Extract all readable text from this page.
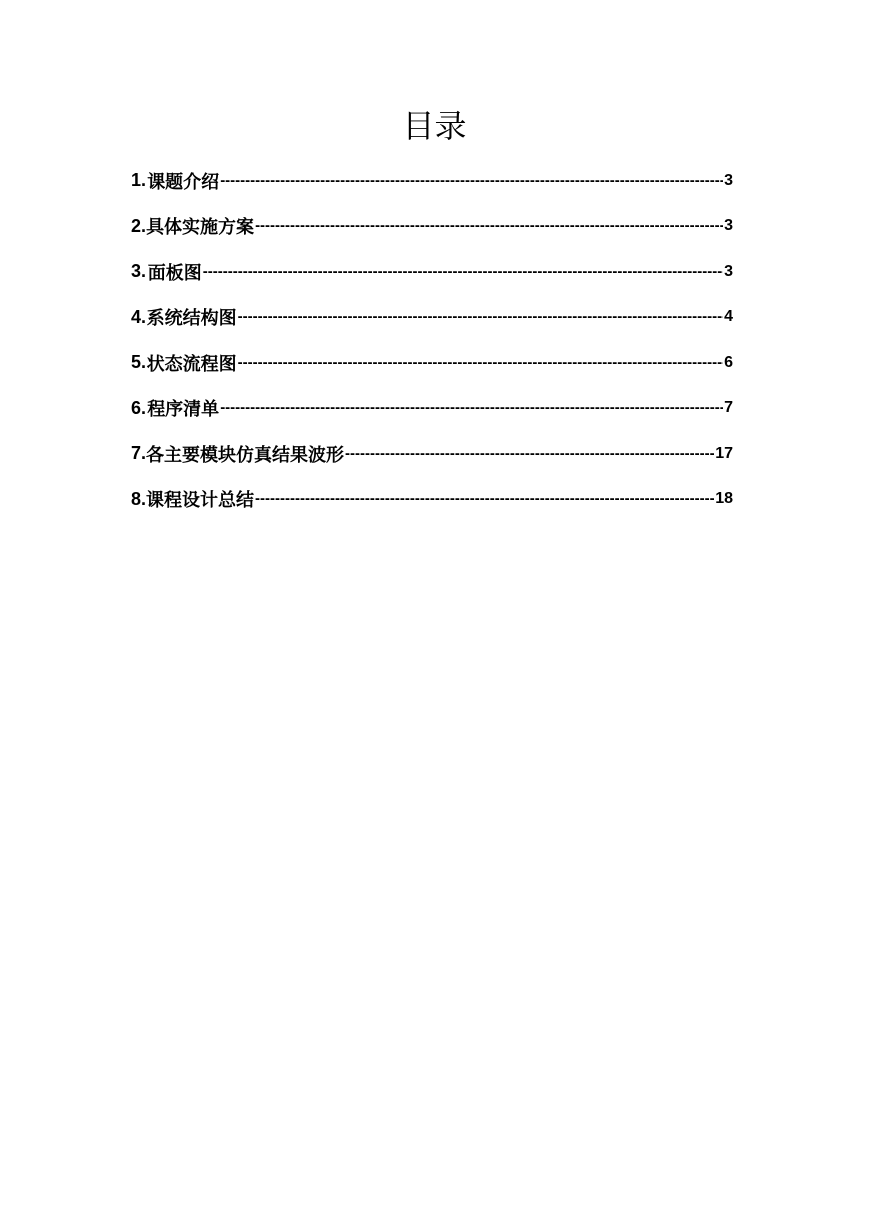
目录
1. 课题介绍 -----	3
2. 具体实施方案 -----	3
3. 面板图 -----	3
4. 系统结构图 -----	4
5. 状态流程图 -----	6
6. 程序清单 -----	7
7. 各主要模块仿真结果波形 -----	17
8. 课程设计总结 -----	18
